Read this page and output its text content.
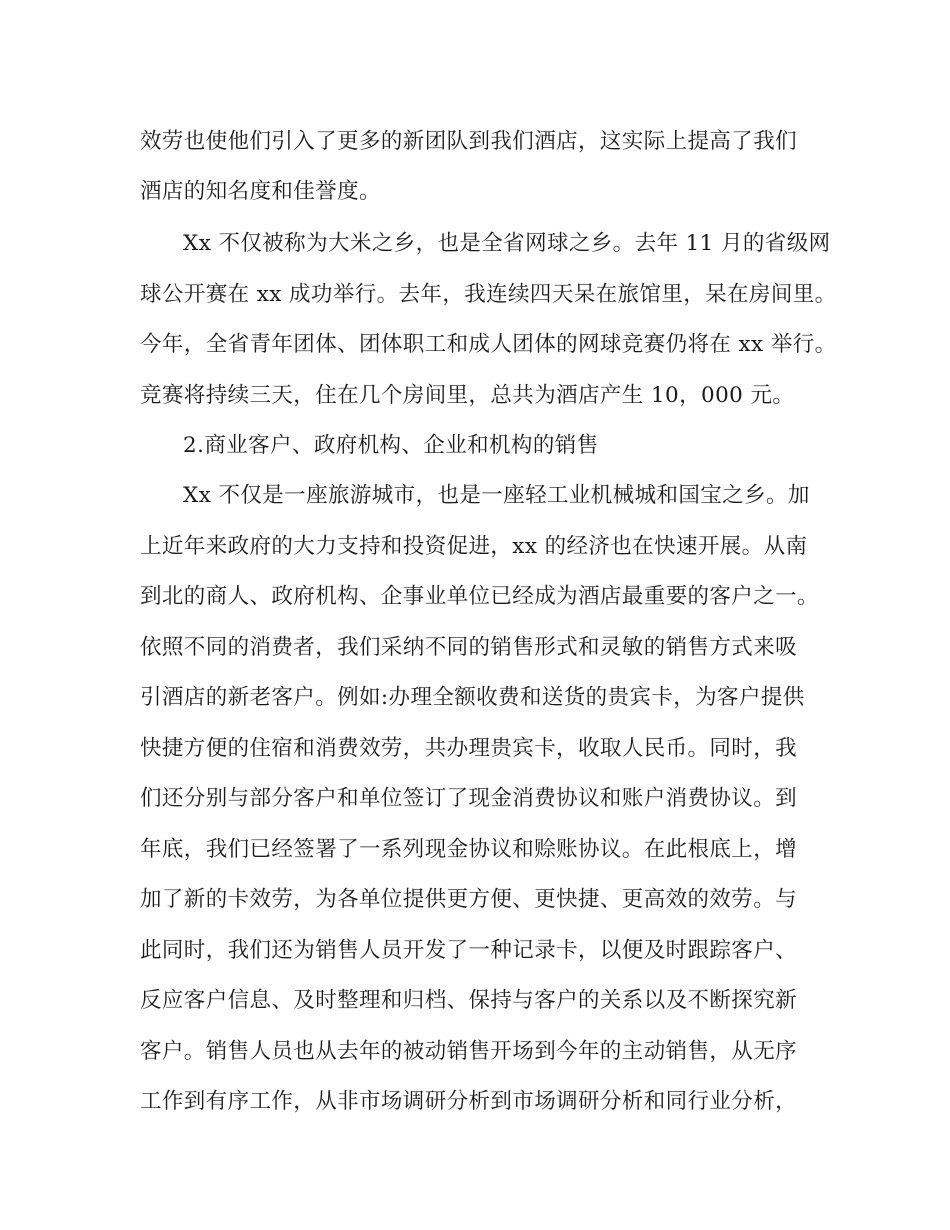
效劳也使他们引入了更多的新团队到我们酒店，这实际上提高了我们
酒店的知名度和佳誉度。
Xx 不仅被称为大米之乡，也是全省网球之乡。去年 11 月的省级网
球公开赛在 xx 成功举行。去年，我连续四天呆在旅馆里，呆在房间里。
今年，全省青年团体、团体职工和成人团体的网球竞赛仍将在 xx 举行。
竞赛将持续三天，住在几个房间里，总共为酒店产生 10，000 元。
2.商业客户、政府机构、企业和机构的销售
Xx 不仅是一座旅游城市，也是一座轻工业机械城和国宝之乡。加
上近年来政府的大力支持和投资促进，xx 的经济也在快速开展。从南
到北的商人、政府机构、企事业单位已经成为酒店最重要的客户之一。
依照不同的消费者，我们采纳不同的销售形式和灵敏的销售方式来吸
引酒店的新老客户。例如:办理全额收费和送货的贵宾卡，为客户提供
快捷方便的住宿和消费效劳，共办理贵宾卡，收取人民币。同时，我
们还分别与部分客户和单位签订了现金消费协议和账户消费协议。到
年底，我们已经签署了一系列现金协议和赊账协议。在此根底上，增
加了新的卡效劳，为各单位提供更方便、更快捷、更高效的效劳。与
此同时，我们还为销售人员开发了一种记录卡，以便及时跟踪客户、
反应客户信息、及时整理和归档、保持与客户的关系以及不断探究新
客户。销售人员也从去年的被动销售开场到今年的主动销售，从无序
工作到有序工作，从非市场调研分析到市场调研分析和同行业分析，
